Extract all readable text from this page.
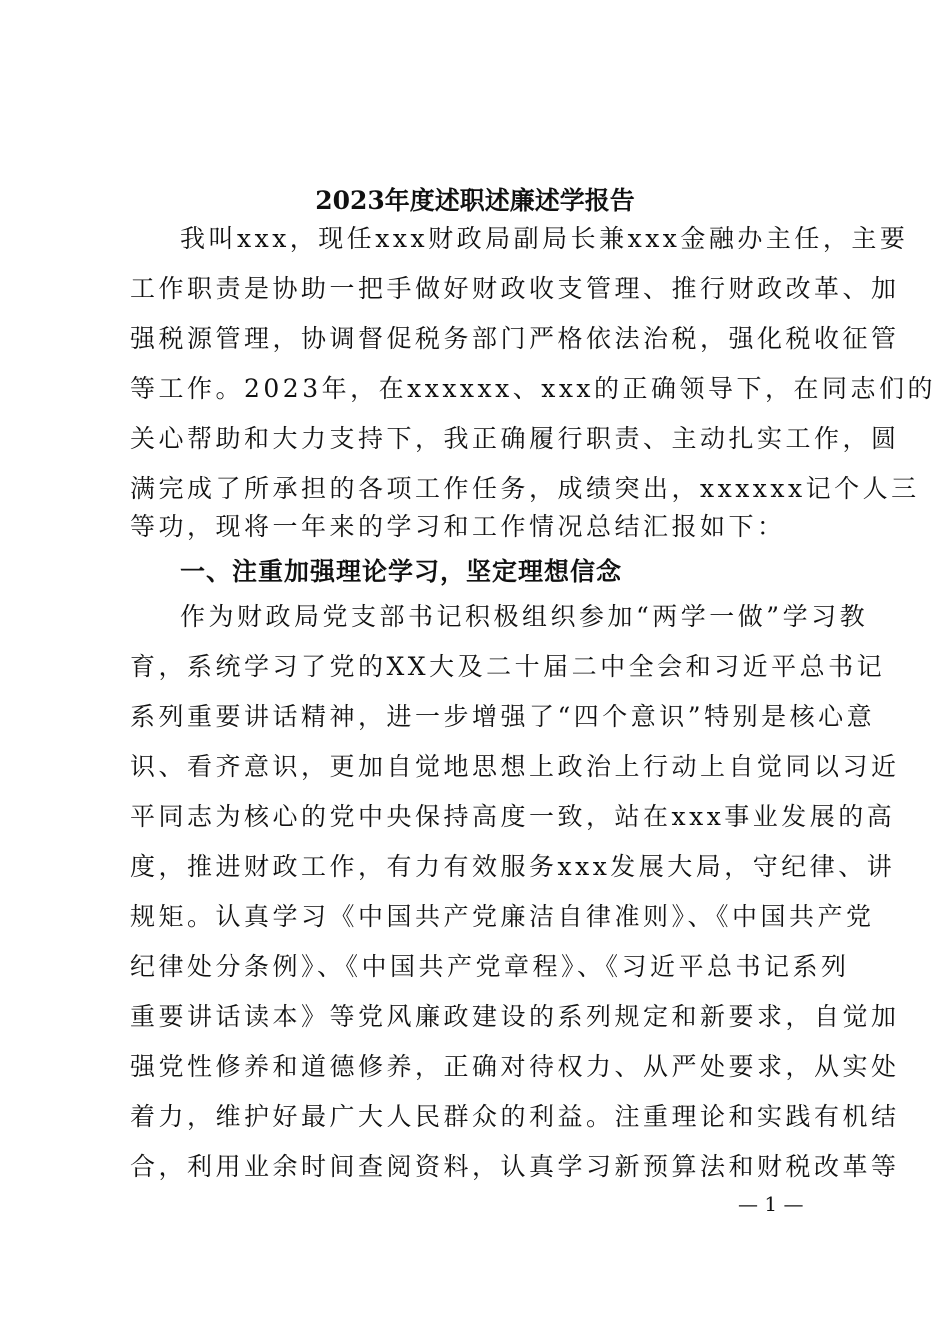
2023年度述职述廉述学报告
我叫xxx，现任xxx财政局副局长兼xxx金融办主任，主要
工作职责是协助一把手做好财政收支管理、推行财政改革、加
强税源管理，协调督促税务部门严格依法治税，强化税收征管
等工作。2023年，在xxxxxx、xxx的正确领导下，在同志们的
关心帮助和大力支持下，我正确履行职责、主动扎实工作，圆
满完成了所承担的各项工作任务，成绩突出，xxxxxx记个人三
等功，现将一年来的学习和工作情况总结汇报如下：
一、注重加强理论学习，坚定理想信念
作为财政局党支部书记积极组织参加“两学一做”学习教
育，系统学习了党的XX大及二十届二中全会和习近平总书记
系列重要讲话精神，进一步增强了“四个意识”特别是核心意
识、看齐意识，更加自觉地思想上政治上行动上自觉同以习近
平同志为核心的党中央保持高度一致，站在xxx事业发展的高
度，推进财政工作，有力有效服务xxx发展大局，守纪律、讲
规矩。认真学习《中国共产党廉洁自律准则》、《中国共产党
纪律处分条例》、《中国共产党章程》、《习近平总书记系列
重要讲话读本》等党风廉政建设的系列规定和新要求，自觉加
强党性修养和道德修养，正确对待权力、从严处要求，从实处
着力，维护好最广大人民群众的利益。注重理论和实践有机结
合，利用业余时间查阅资料，认真学习新预算法和财税改革等
— 1 —
